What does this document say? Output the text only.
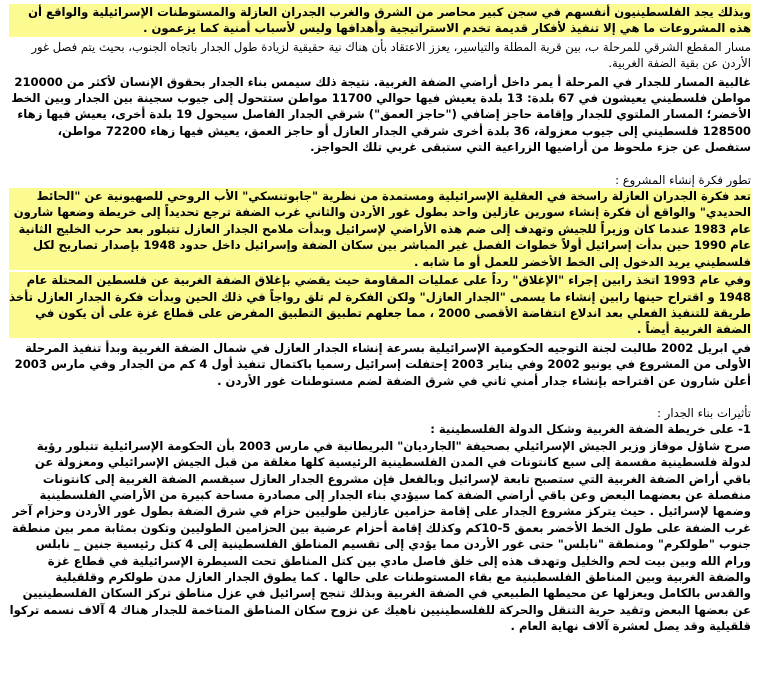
وبذلك يجد الفلسطينيون أنفسهم في سجن كبير محاصر من الشرق والغرب الجدران العازلة والمستوطنات الإسرائيلية والواقع أن هذه المشروعات ما هي إلا تنفيذ لأفكار قديمة تخدم الاستراتيجية وأهدافها وليس لأسباب أمنية كما يزعمون .

مسار المقطع الشرقي للمرحلة ب، بين قرية المطلة والتياسير، يعزز الاعتقاد بأن هناك نية حقيقية لزيادة طول الجدار باتجاه الجنوب، بحيث يتم فصل غور الأردن عن بقية الضفة الغربية.

غالبية المسار للجدار في المرحلة أ يمر داخل أراضي الضفة الغربية. نتيجة ذلك سيمس بناء الجدار بحقوق الإنسان لأكثر من 210000 مواطن فلسطيني يعيشون في 67 بلدة: 13 بلدة يعيش فيها حوالي 11700 مواطن ستتحول إلى جيوب سجينة بين الجدار وبين الخط الأخضر؛ المسار الملتوي للجدار وإقامة حاجز إضافي ("حاجز العمق") شرقي الجدار الفاصل سيحول 19 بلدة أخرى، يعيش فيها زهاء 128500 فلسطيني إلى جيوب معزولة، 36 بلدة أخرى شرقي الجدار العازل أو حاجز العمق، يعيش فيها زهاء 72200 مواطن، ستفصل عن جزء ملحوظ من أراضيها الزراعية التي ستبقى غربي تلك الحواجز.

تطور فكرة إنشاء المشروع :

تعد فكرة الجدران العازلة راسخة في العقلية الإسرائيلية ومستمدة من نظرية "جابوتنسكي" الأب الروحي للصهيونية عن "الحائط الحديدي" والواقع أن فكرة إنشاء سورين عازلين واحد بطول غور الأردن والثاني غرب الضفة ترجع تحديداً إلى خريطة وضعها شارون عام 1983 عندما كان وزيراً للجيش وتهدف إلى ضم هذه الأراضي لإسرائيل وبدأت ملامح الجدار العازل تتبلور بعد حرب الخليج الثانية عام 1990 حين بدأت إسرائيل أولاً خطوات الفصل غير المباشر بين سكان الضفة وإسرائيل داخل حدود 1948 بإصدار تصاريح لكل فلسطيني يريد الدخول إلى الخط الأخضر للعمل أو ما شابه .

وفي عام 1993 اتخذ رابين إجراء "الإغلاق" رداً على عمليات المقاومة حيث يقضي بإغلاق الضفة الغربية عن فلسطين المحتلة عام 1948 و اقتراح حينها رابين إنشاء ما يسمى "الجدار العازل" ولكن الفكرة لم تلق رواجاً في ذلك الحين وبدأت فكرة الجدار العازل تأخذ طريقة للتنفيذ الفعلي بعد اندلاع انتفاضة الأقصى 2000 ، مما جعلهم تطبيق التطبيق المفرض على قطاع غزة على أن يكون في الضفة الغربية أيضاً .

في ابريل 2002 طالبت لجنة التوجيه الحكومية الإسرائيلية بسرعة إنشاء الجدار العازل في شمال الضفة الغربية وبدأ تنفيذ المرحلة الأولى من المشروع في يونيو 2002 وفي يناير 2003 إحتفلت إسرائيل رسميا باكتمال تنفيذ أول 4 كم من الجدار وفي مارس 2003 أعلن شارون عن اقتراحه بإنشاء جدار أمني ثاني في شرق الضفة لضم مستوطنات غور الأردن .

تأثيرات بناء الجدار :

1- على خريطة الضفة الغربية وشكل الدولة الفلسطينية :

صرح شاؤل موفاز وزير الجيش الإسرائيلي بصحيفة "الجارديان" البريطانية في مارس 2003 بأن الحكومة الإسرائيلية تتبلور رؤية لدولة فلسطينية مقسمة إلى سبع كانتونات في المدن الفلسطينية الرئيسية كلها مغلقة من قبل الجيش الإسرائيلي ومعزولة عن باقي أراض الضفة الغربية التي ستصبح تابعة لإسرائيل وبالفعل فإن مشروع الجدار العازل سيقسم الضفة الغربية إلى كانتونات منفصلة عن بعضهما البعض وعن باقي أراضي الضفة كما سيؤدي بناء الجدار إلى مصادرة مساحة كبيرة من الأراضي الفلسطينية وضمها لإسرائيل . حيث يتركز مشروع الجدار على إقامة حزامين عازلين طوليين حزام في شرق الضفة بطول غور الأردن وحزام آخر غرب الضفة على طول الخط الأخضر بعمق 5-10كم وكذلك إقامة أحزام عرضية بين الحزامين الطوليين وتكون بمثابة ممر بين منطقة جنوب "طولكرم" ومنطقة "نابلس" حتى غور الأردن مما يؤدي إلى تقسيم المناطق الفلسطينية إلى 4 كتل رئيسية جنين _ نابلس ورام الله وبين بيت لحم والخليل وتهدف هذه إلى خلق فاصل مادي بين كتل المناطق تحت السيطرة الإسرائيلية في قطاع غزة والضفة الغربية وبين المناطق الفلسطينية مع بقاء المستوطنات على حالها . كما يطوق الجدار العازل مدن طولكرم وقلقيلية والقدس بالكامل ويعزلها عن محيطها الطبيعي في الضفة الغربية وبذلك تنجح إسرائيل في عزل مناطق تركز السكان الفلسطينيين عن بعضها البعض وتقيد حرية التنقل والحركة للفلسطينيين ناهيك عن نزوح سكان المناطق المتاخمة للجدار هناك 4 آلاف نسمه تركوا قلقيلية وقد يصل لعشرة آلاف نهاية العام .
